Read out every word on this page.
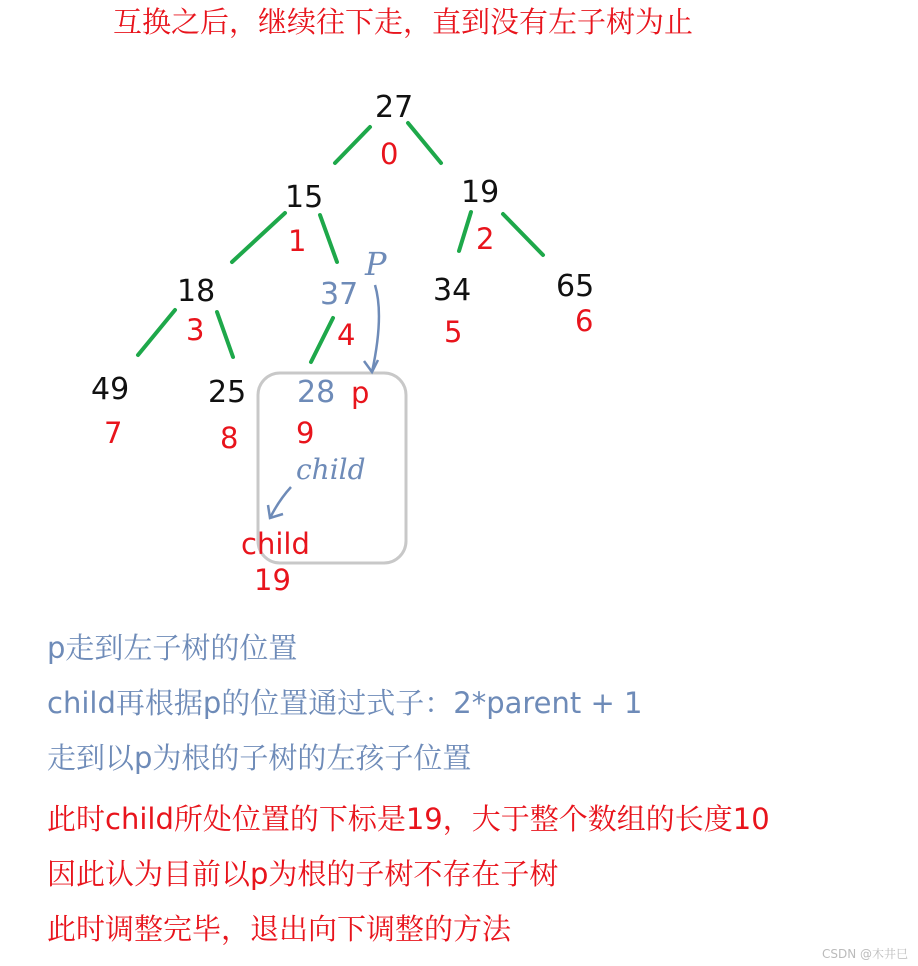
互换之后，继续往下走，直到没有左子树为止
27
15	19
18	37 34	65
49	25 28
0
1	2
3	4	5	6
7	8 9
P
p
child
child
19
p走到左子树的位置
child再根据p的位置通过式子：2*parent + 1
走到以p为根的子树的左孩子位置
此时child所处位置的下标是19，大于整个数组的长度10
因此认为目前以p为根的子树不存在子树
此时调整完毕，退出向下调整的方法
CSDN @木井巳
